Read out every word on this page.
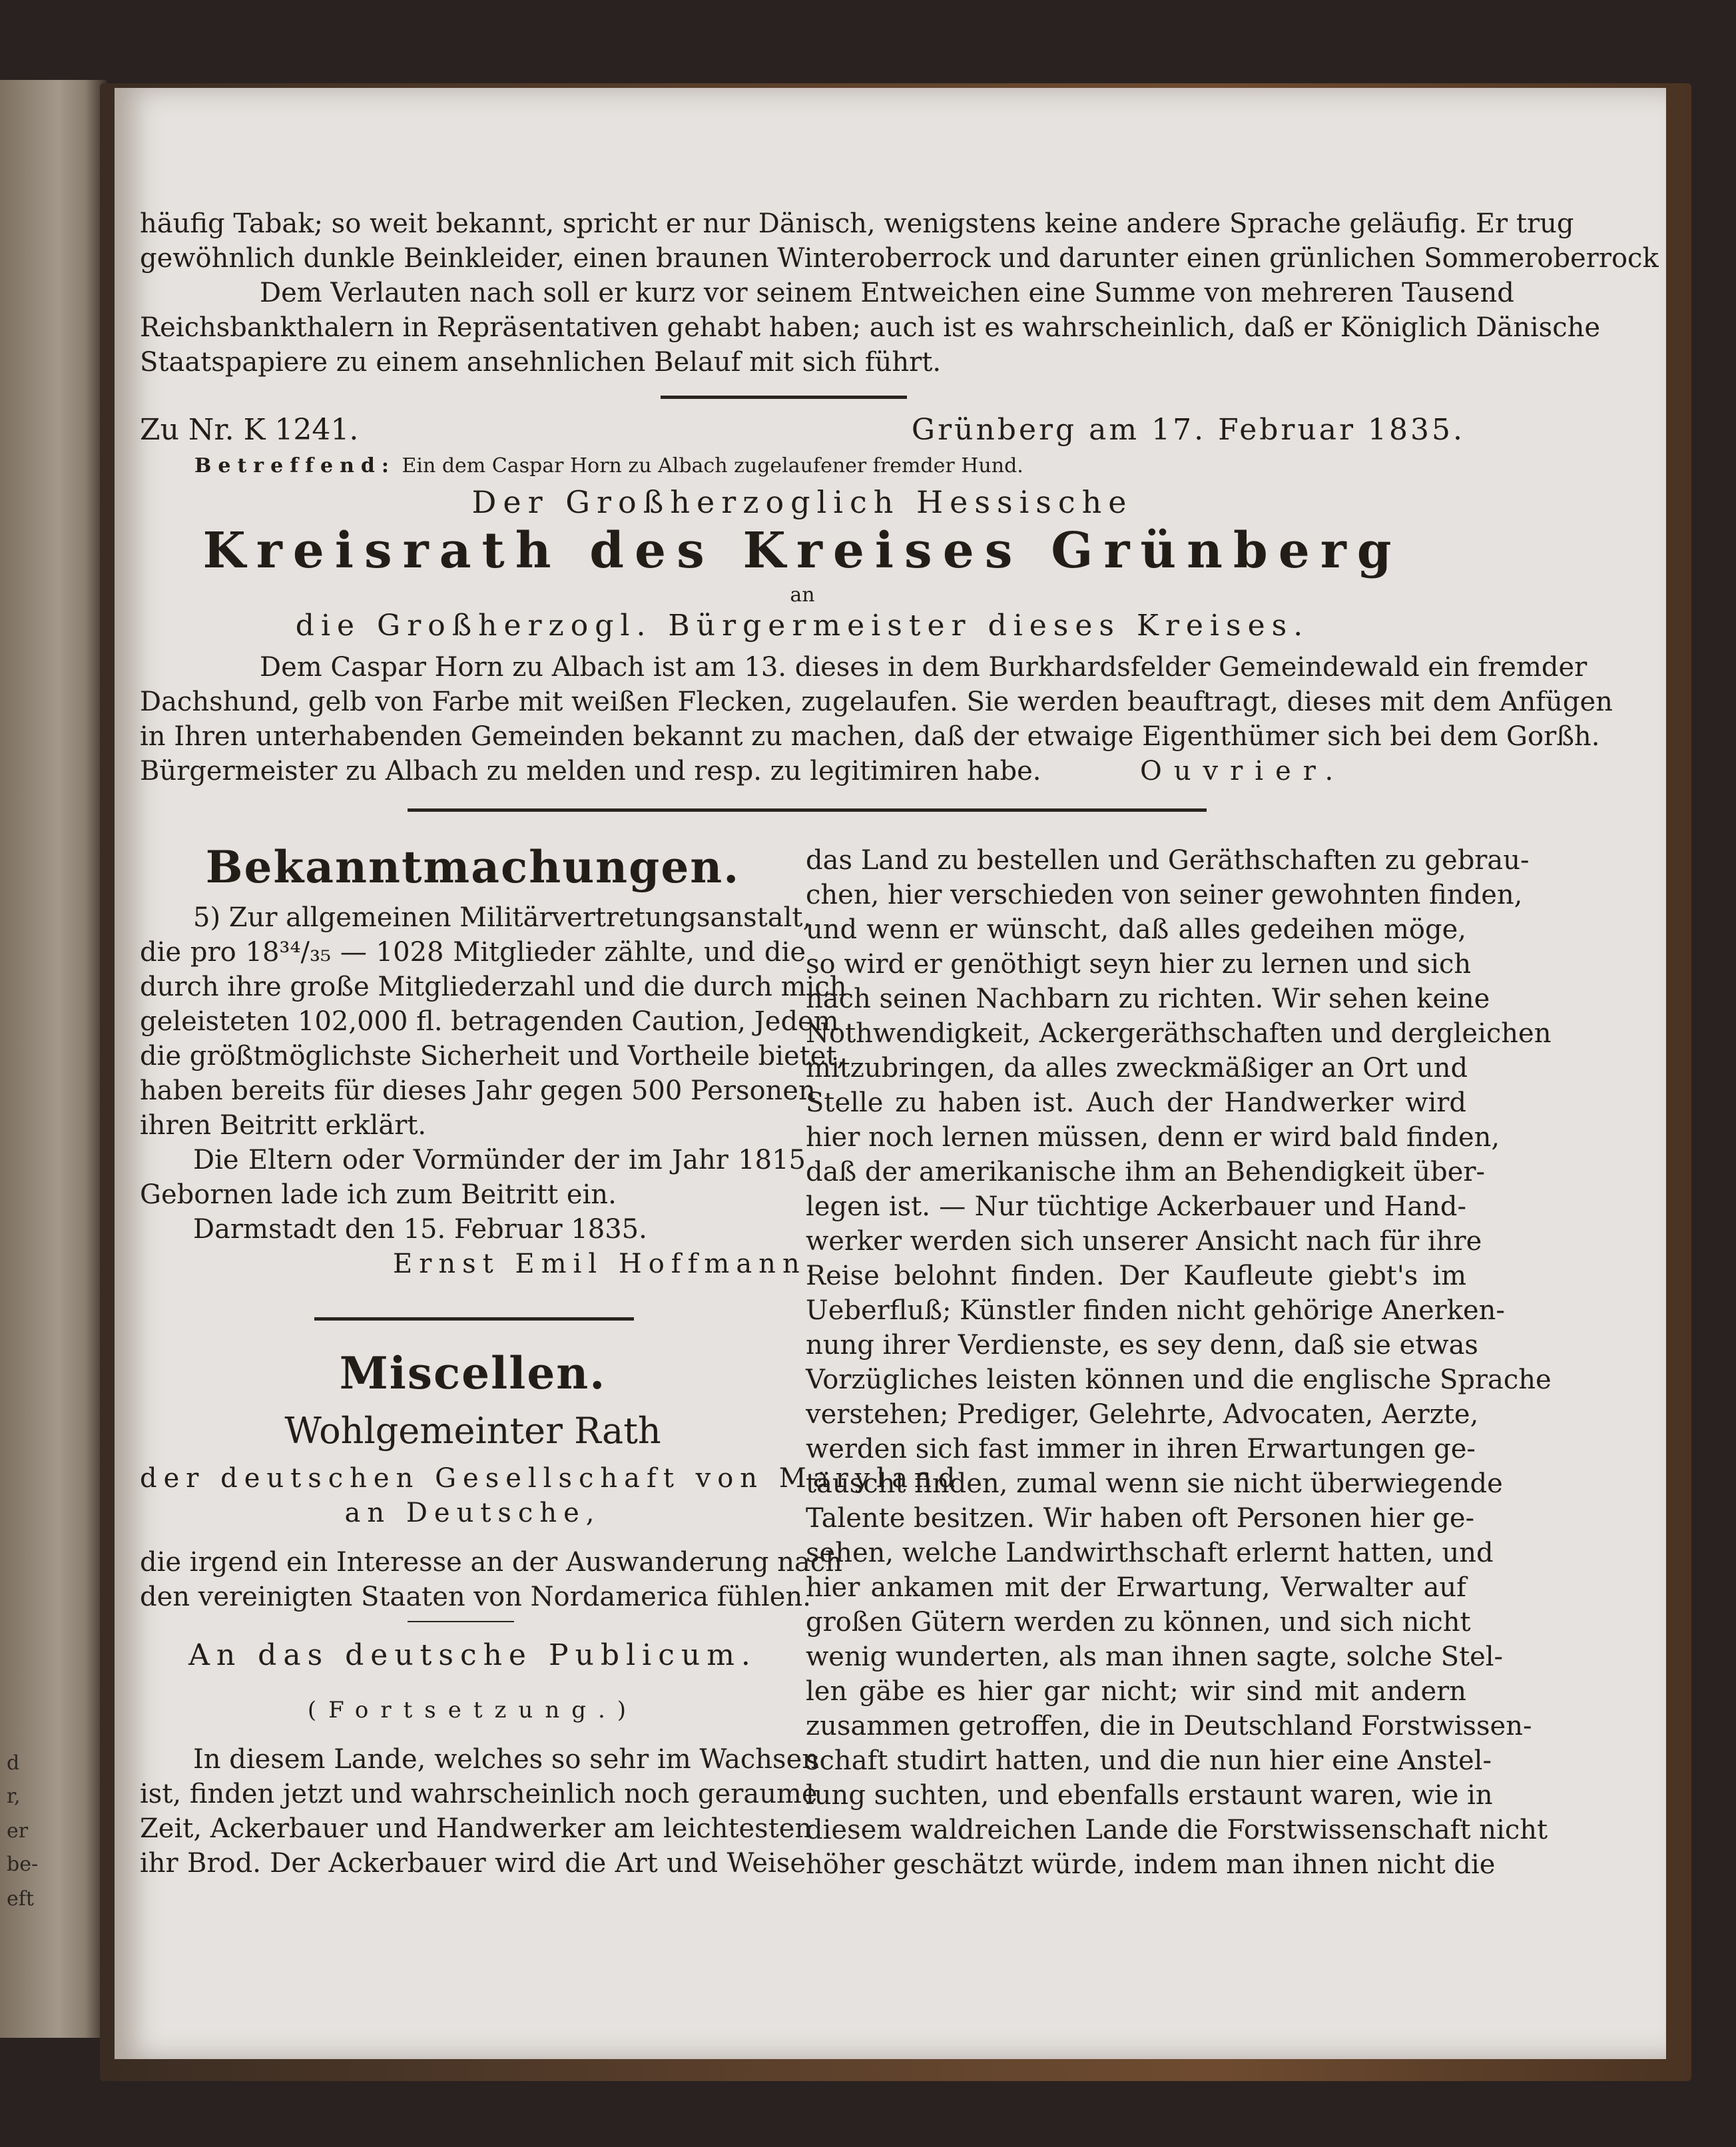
d
r,
er
be-
eft
häufig Tabak; so weit bekannt, spricht er nur Dänisch, wenigstens keine andere Sprache geläufig. Er trug
gewöhnlich dunkle Beinkleider, einen braunen Winteroberrock und darunter einen grünlichen Sommeroberrock
Dem Verlauten nach soll er kurz vor seinem Entweichen eine Summe von mehreren Tausend
Reichsbankthalern in Repräsentativen gehabt haben; auch ist es wahrscheinlich, daß er Königlich Dänische
Staatspapiere zu einem ansehnlichen Belauf mit sich führt.
Zu Nr. K 1241.	Grünberg am 17. Februar 1835.
Betreffend: Ein dem Caspar Horn zu Albach zugelaufener fremder Hund.
Der Großherzoglich Hessische
Kreisrath des Kreises Grünberg
an
die Großherzogl. Bürgermeister dieses Kreises.
Dem Caspar Horn zu Albach ist am 13. dieses in dem Burkhardsfelder Gemeindewald ein fremder
Dachshund, gelb von Farbe mit weißen Flecken, zugelaufen. Sie werden beauftragt, dieses mit dem Anfügen
in Ihren unterhabenden Gemeinden bekannt zu machen, daß der etwaige Eigenthümer sich bei dem Gorßh.
Bürgermeister zu Albach zu melden und resp. zu legitimiren habe.	Ouvrier.
Bekanntmachungen.
5) Zur allgemeinen Militärvertretungsanstalt,
die pro 18³⁴/₃₅ — 1028 Mitglieder zählte, und die
durch ihre große Mitgliederzahl und die durch mich
geleisteten 102,000 fl. betragenden Caution, Jedem
die größtmöglichste Sicherheit und Vortheile bietet,
haben bereits für dieses Jahr gegen 500 Personen
ihren Beitritt erklärt.
Die Eltern oder Vormünder der im Jahr 1815
Gebornen lade ich zum Beitritt ein.
Darmstadt den 15. Februar 1835.
Ernst Emil Hoffmann.
Miscellen.
Wohlgemeinter Rath
der deutschen Gesellschaft von Maryland
an Deutsche,
die irgend ein Interesse an der Auswanderung nach
den vereinigten Staaten von Nordamerica fühlen.
An das deutsche Publicum.
(Fortsetzung.)
In diesem Lande, welches so sehr im Wachsen
ist, finden jetzt und wahrscheinlich noch geraume
Zeit, Ackerbauer und Handwerker am leichtesten
ihr Brod. Der Ackerbauer wird die Art und Weise
das Land zu bestellen und Geräthschaften zu gebrau-
chen, hier verschieden von seiner gewohnten finden,
und wenn er wünscht, daß alles gedeihen möge,
so wird er genöthigt seyn hier zu lernen und sich
nach seinen Nachbarn zu richten. Wir sehen keine
Nothwendigkeit, Ackergeräthschaften und dergleichen
mitzubringen, da alles zweckmäßiger an Ort und
Stelle zu haben ist. Auch der Handwerker wird
hier noch lernen müssen, denn er wird bald finden,
daß der amerikanische ihm an Behendigkeit über-
legen ist. — Nur tüchtige Ackerbauer und Hand-
werker werden sich unserer Ansicht nach für ihre
Reise belohnt finden. Der Kaufleute giebt's im
Ueberfluß; Künstler finden nicht gehörige Anerken-
nung ihrer Verdienste, es sey denn, daß sie etwas
Vorzügliches leisten können und die englische Sprache
verstehen; Prediger, Gelehrte, Advocaten, Aerzte,
werden sich fast immer in ihren Erwartungen ge-
täuscht finden, zumal wenn sie nicht überwiegende
Talente besitzen. Wir haben oft Personen hier ge-
sehen, welche Landwirthschaft erlernt hatten, und
hier ankamen mit der Erwartung, Verwalter auf
großen Gütern werden zu können, und sich nicht
wenig wunderten, als man ihnen sagte, solche Stel-
len gäbe es hier gar nicht; wir sind mit andern
zusammen getroffen, die in Deutschland Forstwissen-
schaft studirt hatten, und die nun hier eine Anstel-
lung suchten, und ebenfalls erstaunt waren, wie in
diesem waldreichen Lande die Forstwissenschaft nicht
höher geschätzt würde, indem man ihnen nicht die
